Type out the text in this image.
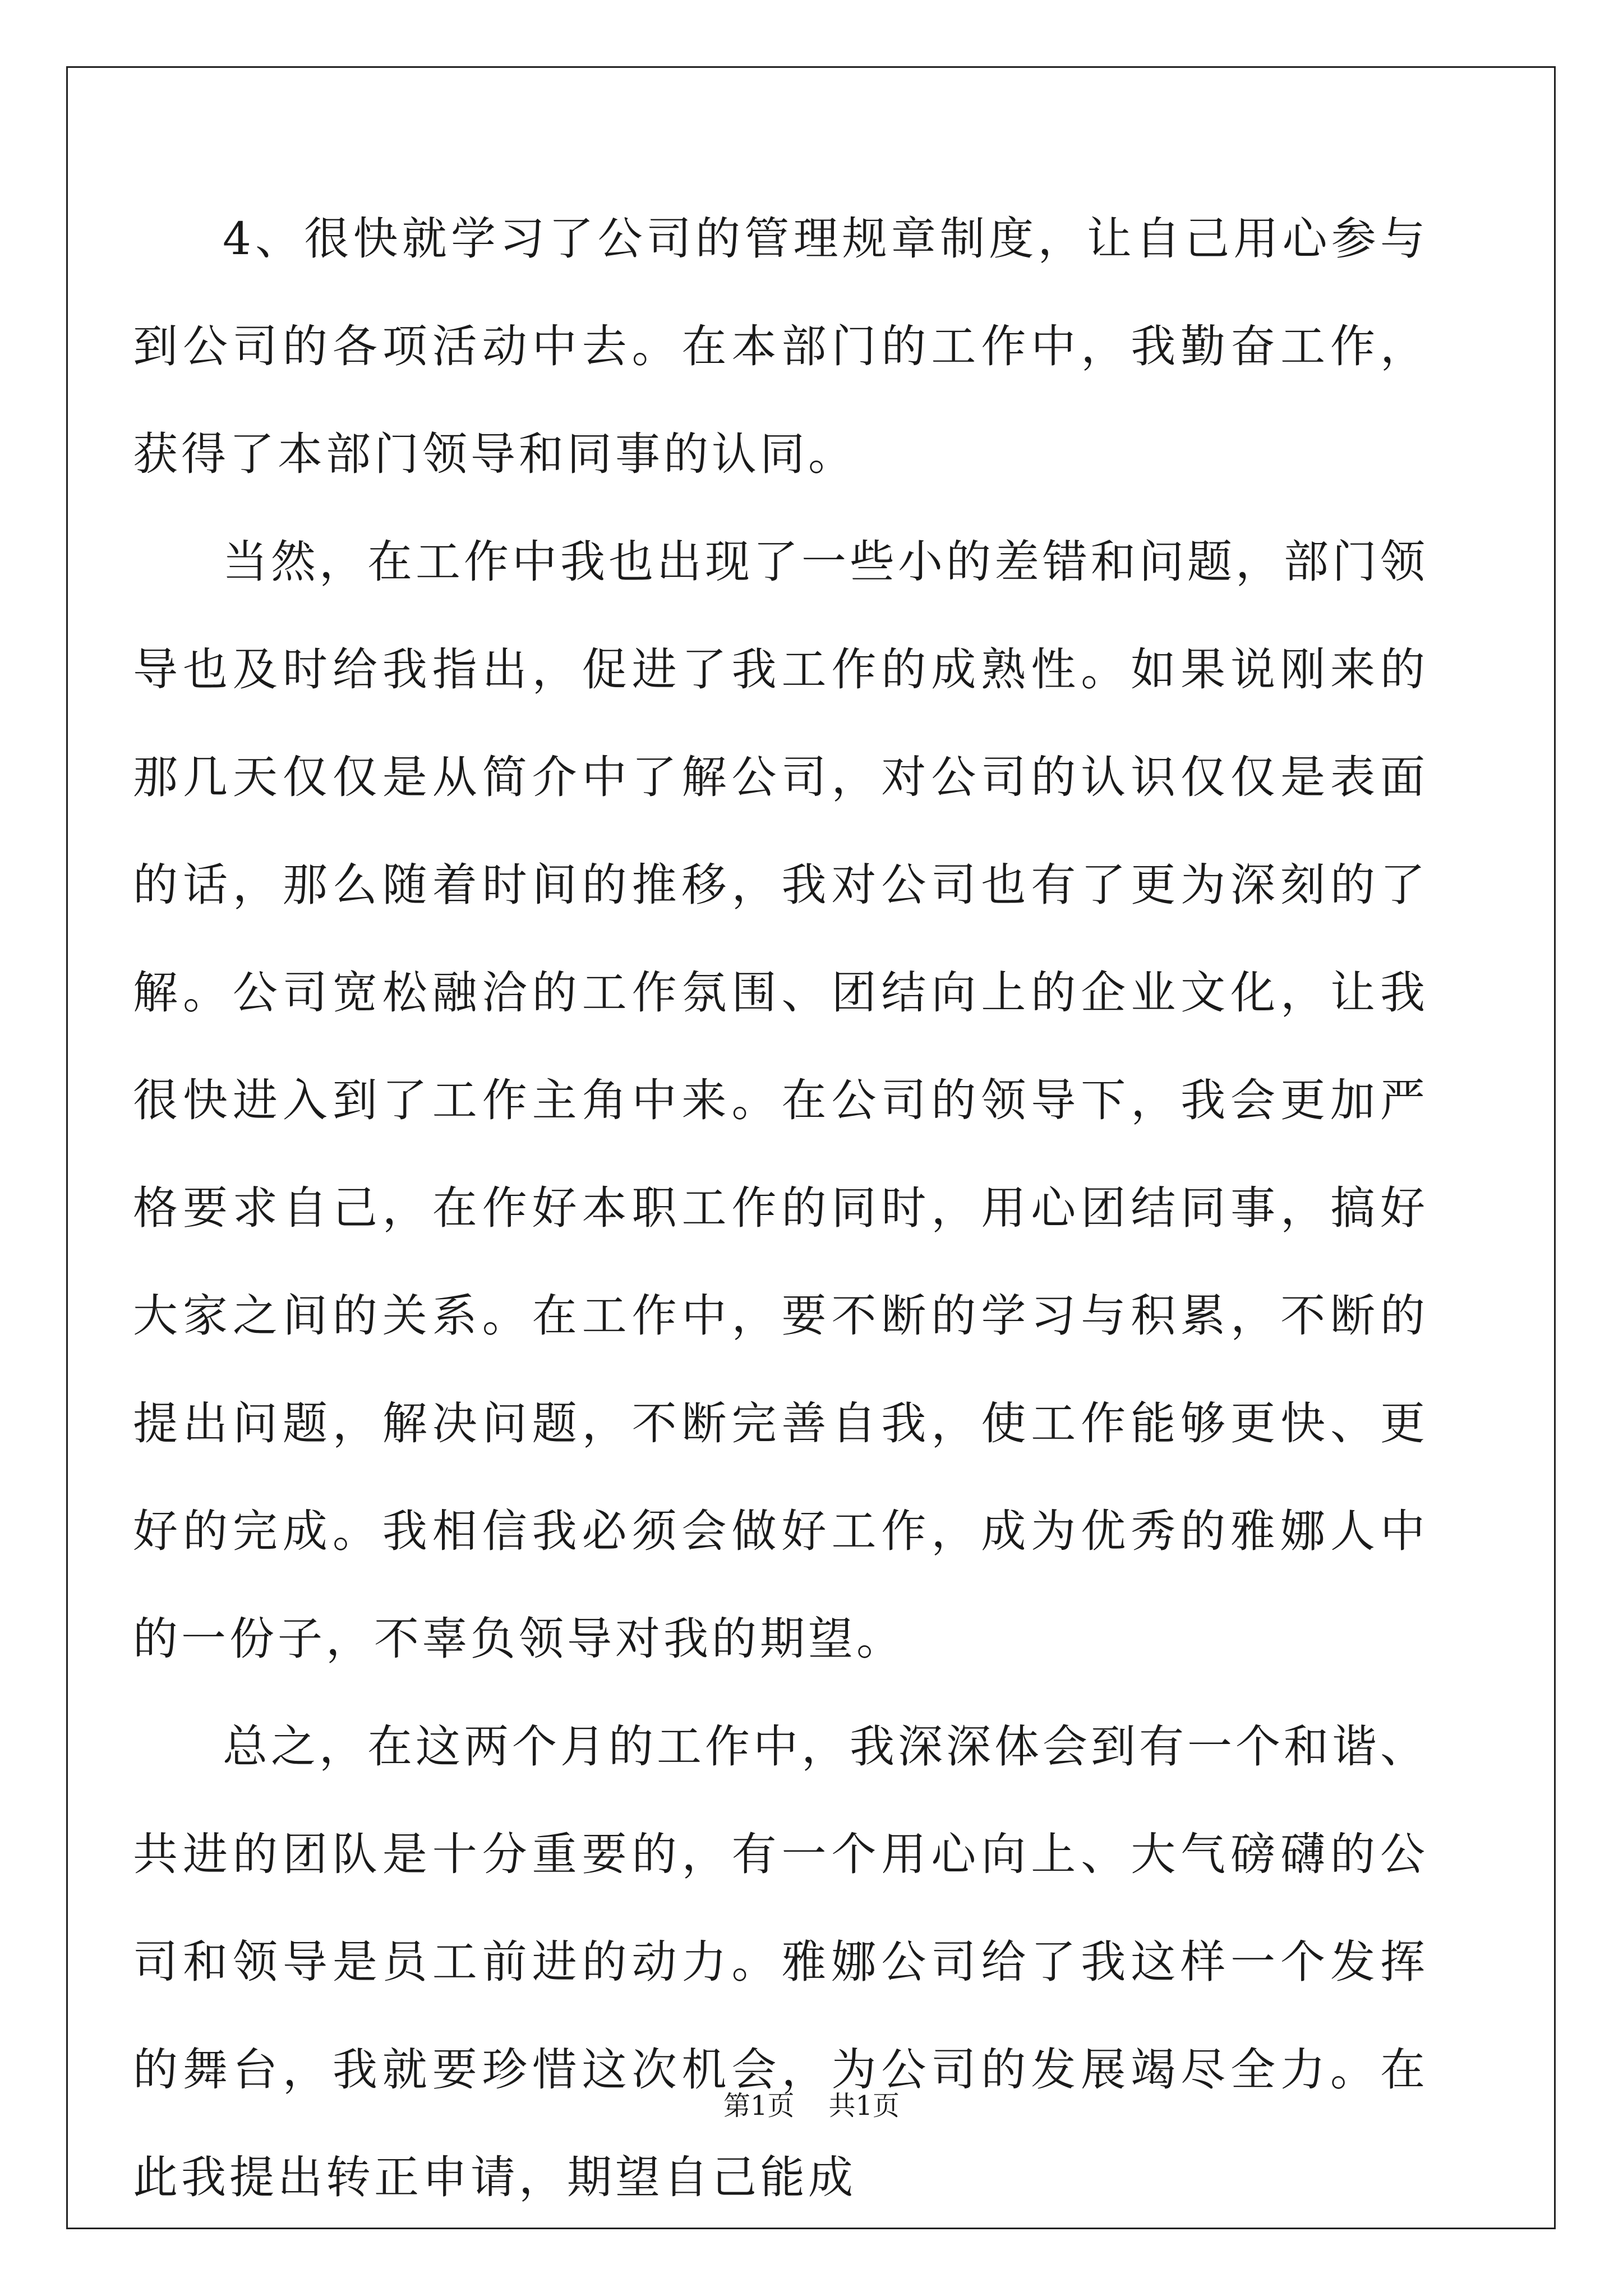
4、很快就学习了公司的管理规章制度，让自己用心参与到公司的各项活动中去。在本部门的工作中，我勤奋工作，获得了本部门领导和同事的认同。

当然，在工作中我也出现了一些小的差错和问题，部门领导也及时给我指出，促进了我工作的成熟性。如果说刚来的那几天仅仅是从简介中了解公司，对公司的认识仅仅是表面的话，那么随着时间的推移，我对公司也有了更为深刻的了解。公司宽松融洽的工作氛围、团结向上的企业文化，让我很快进入到了工作主角中来。在公司的领导下，我会更加严格要求自己，在作好本职工作的同时，用心团结同事，搞好大家之间的关系。在工作中，要不断的学习与积累，不断的提出问题，解决问题，不断完善自我，使工作能够更快、更好的完成。我相信我必须会做好工作，成为优秀的雅娜人中的一份子，不辜负领导对我的期望。

总之，在这两个月的工作中，我深深体会到有一个和谐、共进的团队是十分重要的，有一个用心向上、大气磅礴的公司和领导是员工前进的动力。雅娜公司给了我这样一个发挥的舞台，我就要珍惜这次机会，为公司的发展竭尽全力。在此我提出转正申请，期望自己能成

第1页    共1页
